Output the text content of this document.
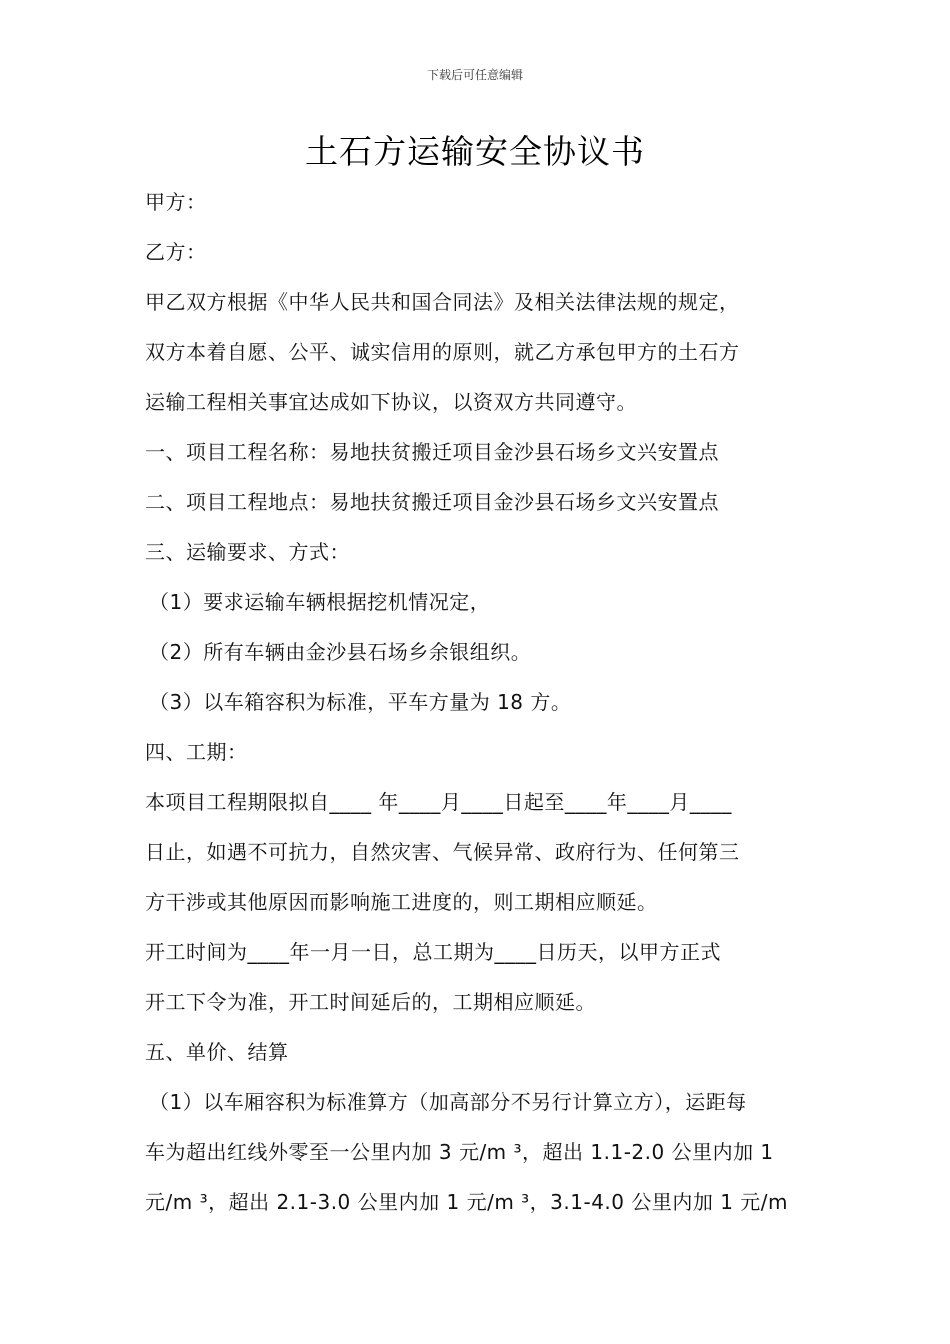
下载后可任意编辑
土石方运输安全协议书
甲方：
乙方：
甲乙双方根据《中华人民共和国合同法》及相关法律法规的规定，
双方本着自愿、公平、诚实信用的原则，就乙方承包甲方的土石方
运输工程相关事宜达成如下协议，以资双方共同遵守。
一、项目工程名称：易地扶贫搬迁项目金沙县石场乡文兴安置点
二、项目工程地点：易地扶贫搬迁项目金沙县石场乡文兴安置点
三、运输要求、方式：
（1）要求运输车辆根据挖机情况定，
（2）所有车辆由金沙县石场乡余银组织。
（3）以车箱容积为标准，平车方量为 18 方。
四、工期：
本项目工程期限拟自____ 年____月____日起至____年____月____
日止，如遇不可抗力，自然灾害、气候异常、政府行为、任何第三
方干涉或其他原因而影响施工进度的，则工期相应顺延。
开工时间为____年一月一日，总工期为____日历天，以甲方正式
开工下令为准，开工时间延后的，工期相应顺延。
五、单价、结算
（1）以车厢容积为标准算方（加高部分不另行计算立方），运距每
车为超出红线外零至一公里内加 3 元/m ³，超出 1.1-2.0 公里内加 1
元/m ³，超出 2.1-3.0 公里内加 1 元/m ³，3.1-4.0 公里内加 1 元/m
